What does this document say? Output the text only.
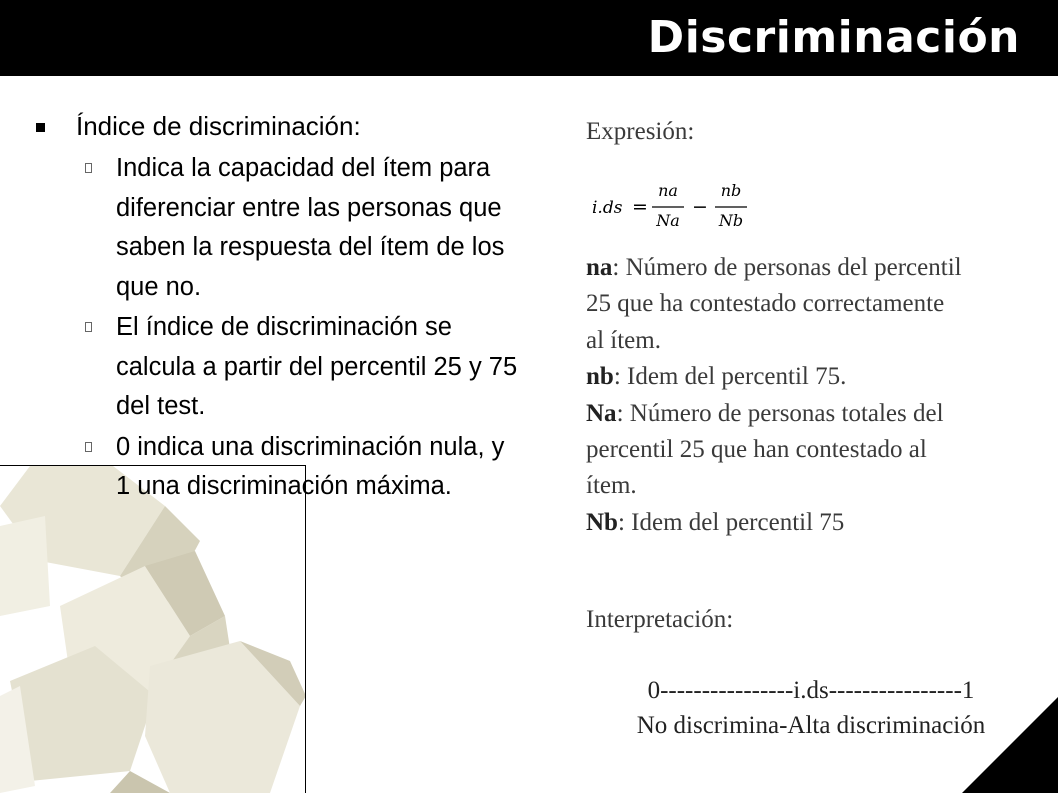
Discriminación
Índice de discriminación:
Indica la capacidad del ítem para diferenciar entre las personas que saben la respuesta del ítem de los que no.
El índice de discriminación se calcula a partir del percentil 25 y 75 del test.
0 indica una discriminación nula, y 1 una discriminación máxima.
Expresión:
i.ds =
na
Na
−
nb
Nb
na: Número de personas del percentil 25 que ha contestado correctamente al ítem.
nb: Idem del percentil 75.
Na: Número de personas totales del percentil 25 que han contestado al ítem.
Nb: Idem del percentil 75
Interpretación:
0----------------i.ds----------------1
No discrimina-Alta discriminación
